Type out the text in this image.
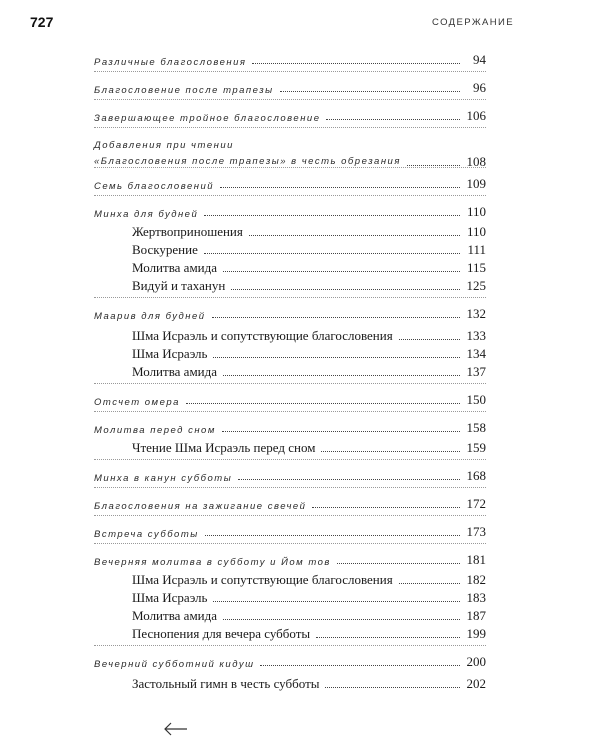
727	СОДЕРЖАНИЕ
Различные благословения	94
Благословение после трапезы	96
Завершающее тройное благословение	106
Добавления при чтении
«Благословения после трапезы» в честь обрезания	108
Семь благословений	109
Минха для будней	110
Жертвоприношения	110
Воскурение	111
Молитва амида	115
Видуй и таханун	125
Маарив для будней	132
Шма Исраэль и сопутствующие благословения	133
Шма Исраэль	134
Молитва амида	137
Отсчет омера	150
Молитва перед сном	158
Чтение Шма Исраэль перед сном	159
Минха в канун субботы	168
Благословения на зажигание свечей	172
Встреча субботы	173
Вечерняя молитва в субботу и Йом тов	181
Шма Исраэль и сопутствующие благословения	182
Шма Исраэль	183
Молитва амида	187
Песнопения для вечера субботы	199
Вечерний субботний кидуш	200
Застольный гимн в честь субботы	202
